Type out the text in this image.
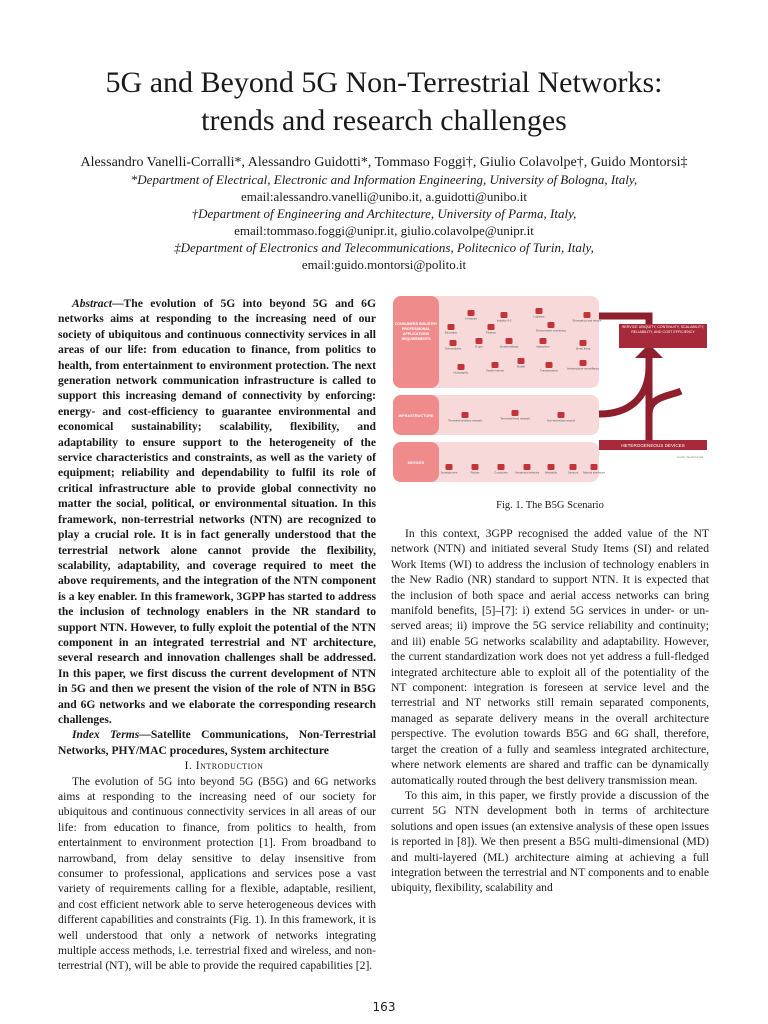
5G and Beyond 5G Non-Terrestrial Networks:
trends and research challenges
Alessandro Vanelli-Corralli*, Alessandro Guidotti*, Tommaso Foggi†, Giulio Colavolpe†, Guido Montorsi‡
*Department of Electrical, Electronic and Information Engineering, University of Bologna, Italy,
email:alessandro.vanelli@unibo.it, a.guidotti@unibo.it
†Department of Engineering and Architecture, University of Parma, Italy,
email:tommaso.foggi@unipr.it, giulio.colavolpe@unipr.it
‡Department of Electronics and Telecommunications, Politecnico of Turin, Italy,
email:guido.montorsi@polito.it

Abstract—The evolution of 5G into beyond 5G and 6G networks aims at responding to the increasing need of our society of ubiquitous and continuous connectivity services in all areas of our life: from education to finance, from politics to health, from entertainment to environment protection. The next generation network communication infrastructure is called to support this increasing demand of connectivity by enforcing: energy- and cost-efficiency to guarantee environmental and economical sustainability; scalability, flexibility, and adaptability to ensure support to the heterogeneity of the service characteristics and constraints, as well as the variety of equipment; reliability and dependability to fulfil its role of critical infrastructure able to provide global connectivity no matter the social, political, or environmental situation. In this framework, non-terrestrial networks (NTN) are recognized to play a crucial role. It is in fact generally understood that the terrestrial network alone cannot provide the flexibility, scalability, adaptability, and coverage required to meet the above requirements, and the integration of the NTN component is a key enabler. In this framework, 3GPP has started to address the inclusion of technology enablers in the NR standard to support NTN. However, to fully exploit the potential of the NTN component in an integrated terrestrial and NT architecture, several research and innovation challenges shall be addressed. In this paper, we first discuss the current development of NTN in 5G and then we present the vision of the role of NTN in B5G and 6G networks and we elaborate the corresponding research challenges.

Index Terms—Satellite Communications, Non-Terrestrial Networks, PHY/MAC procedures, System architecture

I. Introduction

The evolution of 5G into beyond 5G (B5G) and 6G networks aims at responding to the increasing need of our society for ubiquitous and continuous connectivity services in all areas of our life: from education to finance, from politics to health, from entertainment to environment protection [1]. From broadband to narrowband, from delay sensitive to delay insensitive from consumer to professional, applications and services pose a vast variety of requirements calling for a flexible, adaptable, resilient, and cost efficient network able to serve heterogeneous devices with different capabilities and constraints (Fig. 1). In this framework, it is well understood that only a network of networks integrating multiple access methods, i.e. terrestrial fixed and wireless, and non-terrestrial (NT), will be able to provide the required capabilities [2].

CONSUMERS INDUSTRY PROFESSIONAL APPLICATIONS REQUIREMENTS
INFRASTRUCTURE
DEVICES
AI feature	Industry 4.0
Logistics
Emergency and rescue
Education	Finance	Environment monitoring
Telemedicine	E-gov	Smartbuildings	Agriculture	Smart living
Holographic	Tactile internet
Mobile
Transportation	Infrastructure surveillance
Terrestrial wireless network	Terrestrial fixed network	Non-terrestrial network
Smartphones	Robots	Computers Unmanned vehicles Wearable	Sensors Natural interfaces
SERVICE UBIQUITY, CONTINUITY, SCALABILITY, RELIABILITY, AND COST EFFICIENCY
HETEROGENEOUS DEVICES
Credits: Vanelli-Corralli
Fig. 1. The B5G Scenario

In this context, 3GPP recognised the added value of the NT network (NTN) and initiated several Study Items (SI) and related Work Items (WI) to address the inclusion of technology enablers in the New Radio (NR) standard to support NTN. It is expected that the inclusion of both space and aerial access networks can bring manifold benefits, [5]–[7]: i) extend 5G services in under- or un-served areas; ii) improve the 5G service reliability and continuity; and iii) enable 5G networks scalability and adaptability. However, the current standardization work does not yet address a full-fledged integrated architecture able to exploit all of the potentiality of the NT component: integration is foreseen at service level and the terrestrial and NT networks still remain separated components, managed as separate delivery means in the overall architecture perspective. The evolution towards B5G and 6G shall, therefore, target the creation of a fully and seamless integrated architecture, where network elements are shared and traffic can be dynamically automatically routed through the best delivery transmission mean.

To this aim, in this paper, we firstly provide a discussion of the current 5G NTN development both in terms of architecture solutions and open issues (an extensive analysis of these open issues is reported in [8]). We then present a B5G multi-dimensional (MD) and multi-layered (ML) architecture aiming at achieving a full integration between the terrestrial and NT components and to enable ubiquity, flexibility, scalability and

163
